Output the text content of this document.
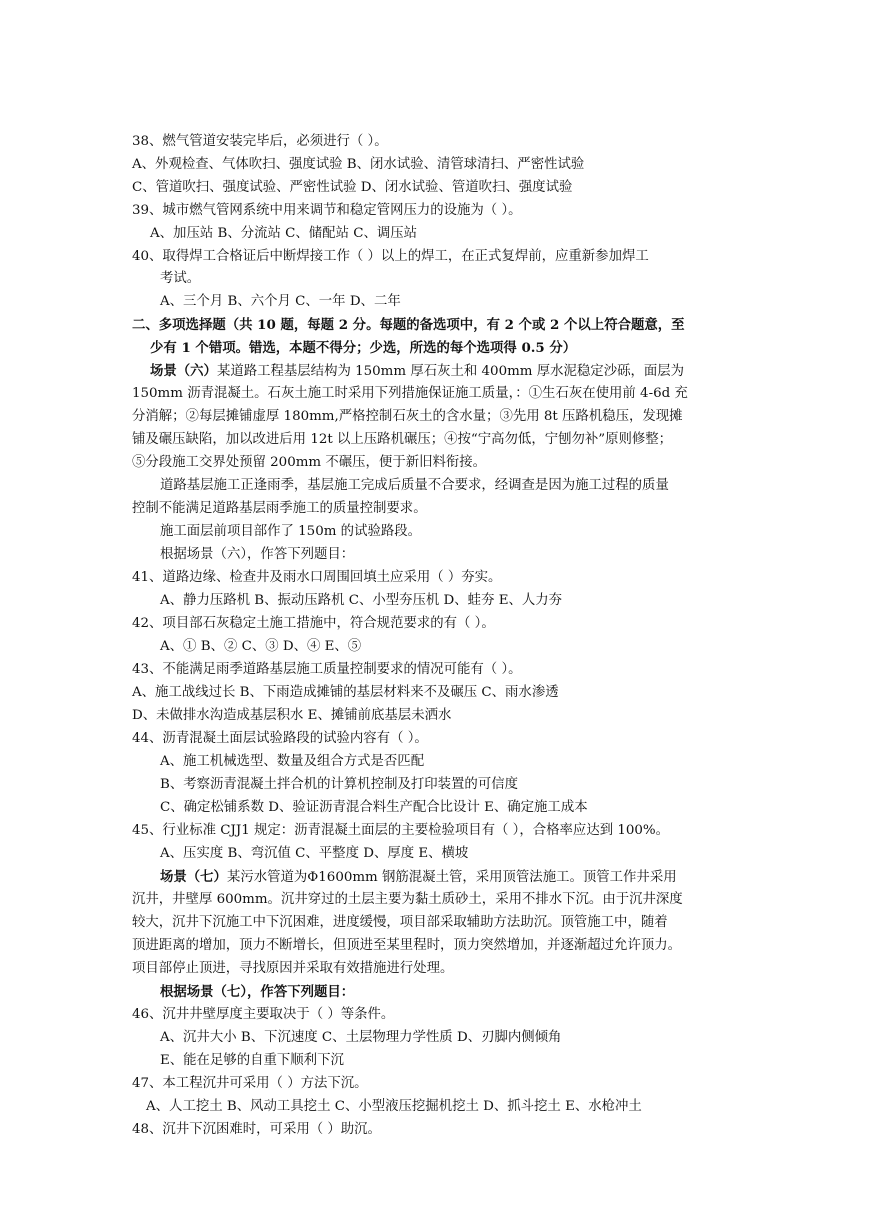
38、燃气管道安装完毕后，必须进行（ ）。
A、外观检查、气体吹扫、强度试验 B、闭水试验、清管球清扫、严密性试验
C、管道吹扫、强度试验、严密性试验 D、闭水试验、管道吹扫、强度试验
39、城市燃气管网系统中用来调节和稳定管网压力的设施为（ ）。
A、加压站 B、分流站 C、储配站 C、调压站
40、取得焊工合格证后中断焊接工作（ ）以上的焊工，在正式复焊前，应重新参加焊工
考试。
A、三个月 B、六个月 C、一年 D、二年
二、多项选择题（共 10 题，每题 2 分。每题的备选项中，有 2 个或 2 个以上符合题意，至
少有 1 个错项。错选，本题不得分；少选，所选的每个选项得 0.5 分）
场景（六）某道路工程基层结构为 150mm 厚石灰土和 400mm 厚水泥稳定沙砾，面层为
150mm 沥青混凝土。石灰土施工时采用下列措施保证施工质量，：①生石灰在使用前 4-6d 充
分消解；②每层摊铺虚厚 180mm,严格控制石灰土的含水量；③先用 8t 压路机稳压，发现摊
铺及碾压缺陷，加以改进后用 12t 以上压路机碾压；④按“宁高勿低，宁刨勿补”原则修整；
⑤分段施工交界处预留 200mm 不碾压，便于新旧料衔接。
道路基层施工正逢雨季，基层施工完成后质量不合要求，经调查是因为施工过程的质量
控制不能满足道路基层雨季施工的质量控制要求。
施工面层前项目部作了 150m 的试验路段。
根据场景（六），作答下列题目：
41、道路边缘、检查井及雨水口周围回填土应采用（ ）夯实。
A、静力压路机 B、振动压路机 C、小型夯压机 D、蛙夯 E、人力夯
42、项目部石灰稳定土施工措施中，符合规范要求的有（ ）。
A、① B、② C、③ D、④ E、⑤
43、不能满足雨季道路基层施工质量控制要求的情况可能有（ ）。
A、施工战线过长 B、下雨造成摊铺的基层材料来不及碾压 C、雨水渗透
D、未做排水沟造成基层积水 E、摊铺前底基层未洒水
44、沥青混凝土面层试验路段的试验内容有（ ）。
A、施工机械选型、数量及组合方式是否匹配
B、考察沥青混凝土拌合机的计算机控制及打印装置的可信度
C、确定松铺系数 D、验证沥青混合料生产配合比设计 E、确定施工成本
45、行业标准 CJJ1 规定：沥青混凝土面层的主要检验项目有（ ），合格率应达到 100%。
A、压实度 B、弯沉值 C、平整度 D、厚度 E、横坡
场景（七）某污水管道为Φ1600mm 钢筋混凝土管，采用顶管法施工。顶管工作井采用
沉井，井壁厚 600mm。沉井穿过的土层主要为黏土质砂土，采用不排水下沉。由于沉井深度
较大，沉井下沉施工中下沉困难，进度缓慢，项目部采取辅助方法助沉。顶管施工中，随着
顶进距离的增加，顶力不断增长，但顶进至某里程时，顶力突然增加，并逐渐超过允许顶力。
项目部停止顶进，寻找原因并采取有效措施进行处理。
根据场景（七），作答下列题目：
46、沉井井壁厚度主要取决于（ ）等条件。
A、沉井大小 B、下沉速度 C、土层物理力学性质 D、刃脚内侧倾角
E、能在足够的自重下顺利下沉
47、本工程沉井可采用（ ）方法下沉。
A、人工挖土 B、风动工具挖土 C、小型液压挖掘机挖土 D、抓斗挖土 E、水枪冲土
48、沉井下沉困难时，可采用（ ）助沉。
